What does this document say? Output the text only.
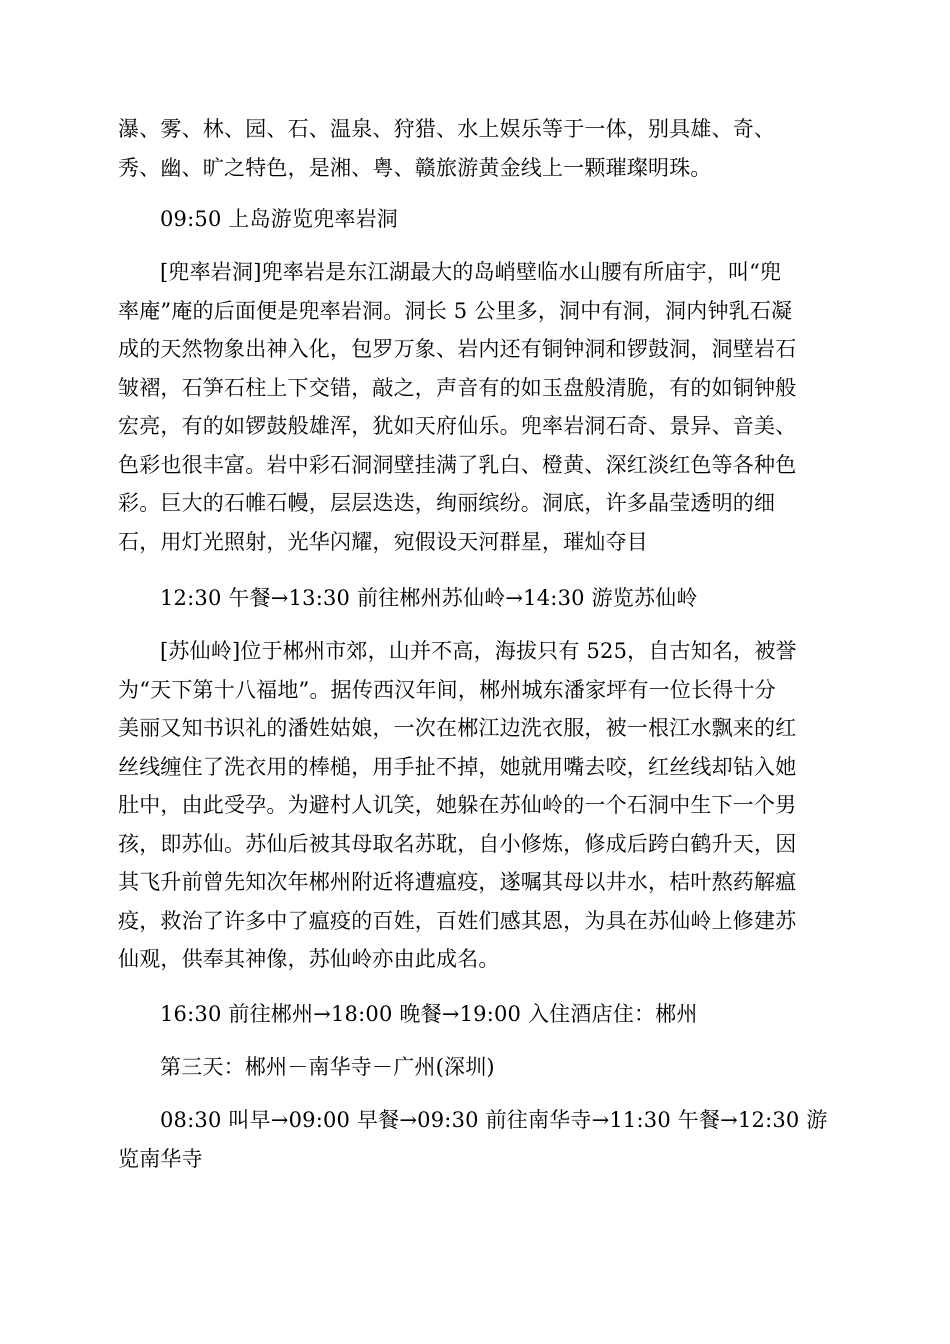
瀑、雾、林、园、石、温泉、狩猎、水上娱乐等于一体，别具雄、奇、
秀、幽、旷之特色，是湘、粤、赣旅游黄金线上一颗璀璨明珠。

09:50 上岛游览兜率岩洞

[兜率岩洞]兜率岩是东江湖最大的岛峭壁临水山腰有所庙宇，叫“兜
率庵”庵的后面便是兜率岩洞。洞长 5 公里多，洞中有洞，洞内钟乳石凝
成的天然物象出神入化，包罗万象、岩内还有铜钟洞和锣鼓洞，洞壁岩石
皱褶，石笋石柱上下交错，敲之，声音有的如玉盘般清脆，有的如铜钟般
宏亮，有的如锣鼓般雄浑，犹如天府仙乐。兜率岩洞石奇、景异、音美、
色彩也很丰富。岩中彩石洞洞壁挂满了乳白、橙黄、深红淡红色等各种色
彩。巨大的石帷石幔，层层迭迭，绚丽缤纷。洞底，许多晶莹透明的细
石，用灯光照射，光华闪耀，宛假设天河群星，璀灿夺目

12:30 午餐→13:30 前往郴州苏仙岭→14:30 游览苏仙岭

[苏仙岭]位于郴州市郊，山并不高，海拔只有 525，自古知名，被誉
为“天下第十八福地”。据传西汉年间，郴州城东潘家坪有一位长得十分
美丽又知书识礼的潘姓姑娘，一次在郴江边洗衣服，被一根江水飘来的红
丝线缠住了洗衣用的棒槌，用手扯不掉，她就用嘴去咬，红丝线却钻入她
肚中，由此受孕。为避村人讥笑，她躲在苏仙岭的一个石洞中生下一个男
孩，即苏仙。苏仙后被其母取名苏耽，自小修炼，修成后跨白鹤升天，因
其飞升前曾先知次年郴州附近将遭瘟疫，遂嘱其母以井水，桔叶熬药解瘟
疫，救治了许多中了瘟疫的百姓，百姓们感其恩，为具在苏仙岭上修建苏
仙观，供奉其神像，苏仙岭亦由此成名。

16:30 前往郴州→18:00 晚餐→19:00 入住酒店住：郴州

第三天：郴州－南华寺－广州(深圳)

08:30 叫早→09:00 早餐→09:30 前往南华寺→11:30 午餐→12:30 游
览南华寺
